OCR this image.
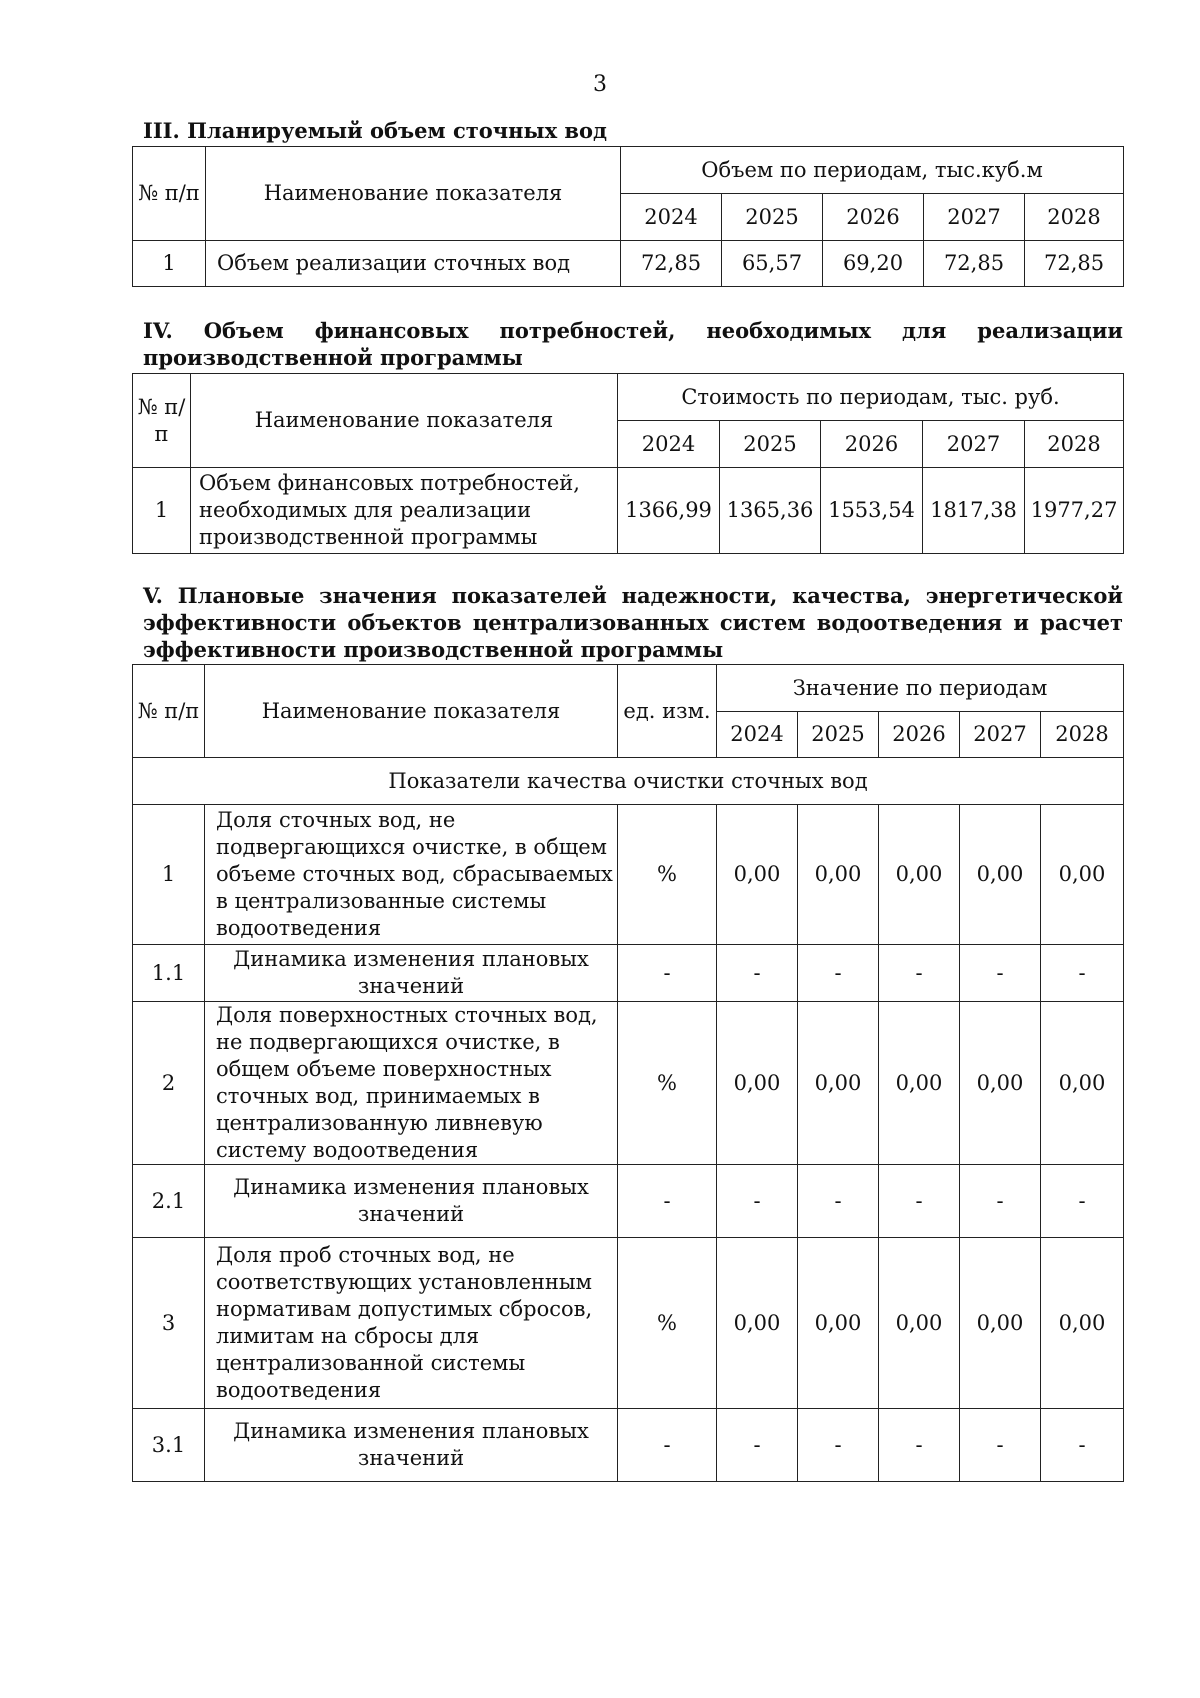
3
III. Планируемый объем сточных вод
№ п/п	Наименование показателя	Объем по периодам, тыс.куб.м				
		2024	2025	2026	2027	2028
1	Объем реализации сточных вод	72,85	65,57	69,20	72,85	72,85
IV. Объем финансовых потребностей, необходимых для реализации производственной программы
№ п/п	Наименование показателя	Стоимость по периодам, тыс. руб.				
		2024	2025	2026	2027	2028
1	Объем финансовых потребностей, необходимых для реализации производственной программы	1366,99	1365,36	1553,54	1817,38	1977,27
V. Плановые значения показателей надежности, качества, энергетической эффективности объектов централизованных систем водоотведения и расчет эффективности производственной программы
№ п/п	Наименование показателя	ед. изм.	Значение по периодам				
			2024	2025	2026	2027	2028
Показатели качества очистки сточных вод							
1	Доля сточных вод, не подвергающихся очистке, в общем объеме сточных вод, сбрасываемых в централизованные системы водоотведения	%	0,00	0,00	0,00	0,00	0,00
1.1	Динамика изменения плановых значений	-	-	-	-	-	-
2	Доля поверхностных сточных вод, не подвергающихся очистке, в общем объеме поверхностных сточных вод, принимаемых в централизованную ливневую систему водоотведения	%	0,00	0,00	0,00	0,00	0,00
2.1	Динамика изменения плановых значений	-	-	-	-	-	-
3	Доля проб сточных вод, не соответствующих установленным нормативам допустимых сбросов, лимитам на сбросы для централизованной системы водоотведения	%	0,00	0,00	0,00	0,00	0,00
3.1	Динамика изменения плановых значений	-	-	-	-	-	-
